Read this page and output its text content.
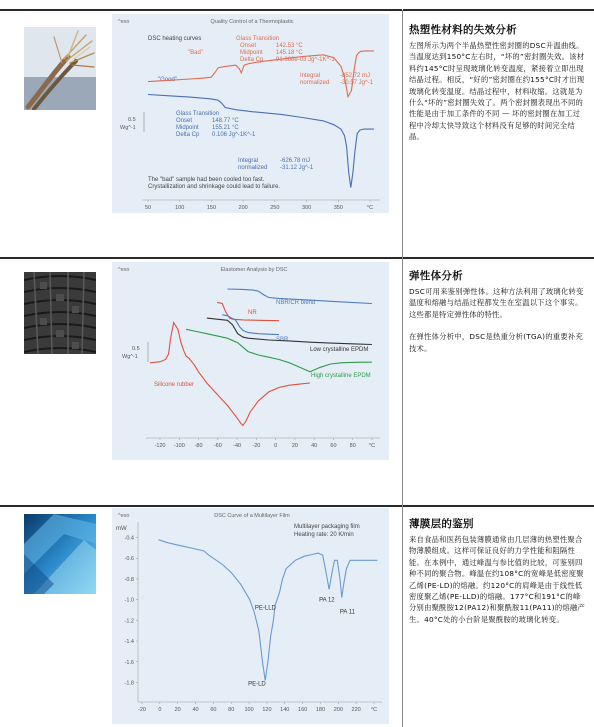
^exo	Quality Control of a Thermoplastic
DSC heating curves
"Bad"
"Good"
Glass Transition
Onset	142.53 °C
Midpoint 145.18 °C
Delta Cp 91.868e-03 Jg^-1K^-1
Integral	-852.72 mJ
normalized -30.57 Jg^-1
Glass Transition
Onset	148.77 °C
Midpoint 155.21 °C
Delta Cp 0.106 Jg^-1K^-1
Integral	-626.78 mJ
normalized -31.12 Jg^-1
The "bad" sample had been cooled too fast.
Crystallization and shrinkage could lead to failure.
0.5
Wg^-1
50	100	150	200	250	300	350	°C
热塑性材料的失效分析

左图所示为两个半晶热塑性密封圈的DSC升温曲线。当温度达到150°C左右时，“坏的”密封圈失效。该材料约145°C时呈现玻璃化转变温度，紧接着立即出现结晶过程。相反，“好的”密封圈在约155°C时才出现玻璃化转变温度。结晶过程中，材料收缩。这就是为什么“坏的”密封圈失效了。两个密封圈表现出不同的性能是由于加工条件的不同 — 坏的密封圈在加工过程中冷却太快导致这个材料没有足够的时间完全结晶。

^exo	Elastomer Analysis by DSC
NBR/CR blend
NR
SBR
Low crystalline EPDM
High crystalline EPDM
Silicone rubber
0.5
Wg^-1
-120 -100 -80 -60 -40 -20	0	20 40 60 80 °C
弹性体分析

DSC可用来鉴别弹性体。这种方法利用了玻璃化转变温度和熔融与结晶过程都发生在室温以下这个事实。这些都是特定弹性体的特性。

在弹性体分析中，DSC是热重分析(TGA)的重要补充技术。

^exo	DSC Curve of a Multilayer Film
mW	Multilayer packaging film
Heating rate: 20 K/min
-20 0 20 40 60 80 100 120 140 160 180 200 220 °C
-0.4
-0.6
-0.8
-1.0
-1.2
-1.4
-1.6
-1.8	PE-LD
PE-LLD
PA 12
PA 11
薄膜层的鉴别

来自食品和医药包装薄膜通常由几层薄的热塑性聚合物薄膜组成。这样可保证良好的力学性能和阻隔性能。在本例中，通过峰温与参比值的比较，可鉴别四种不同的聚合物。峰温在约108°C的宽峰是低密度聚乙烯(PE-LD)的熔融。约120°C的肩峰是由于线性低密度聚乙烯(PE-LLD)的熔融。177°C和191°C的峰分别由聚酰胺12(PA12)和聚酰胺11(PA11)的熔融产生。40°C处的小台阶是聚酰胺的玻璃化转变。
